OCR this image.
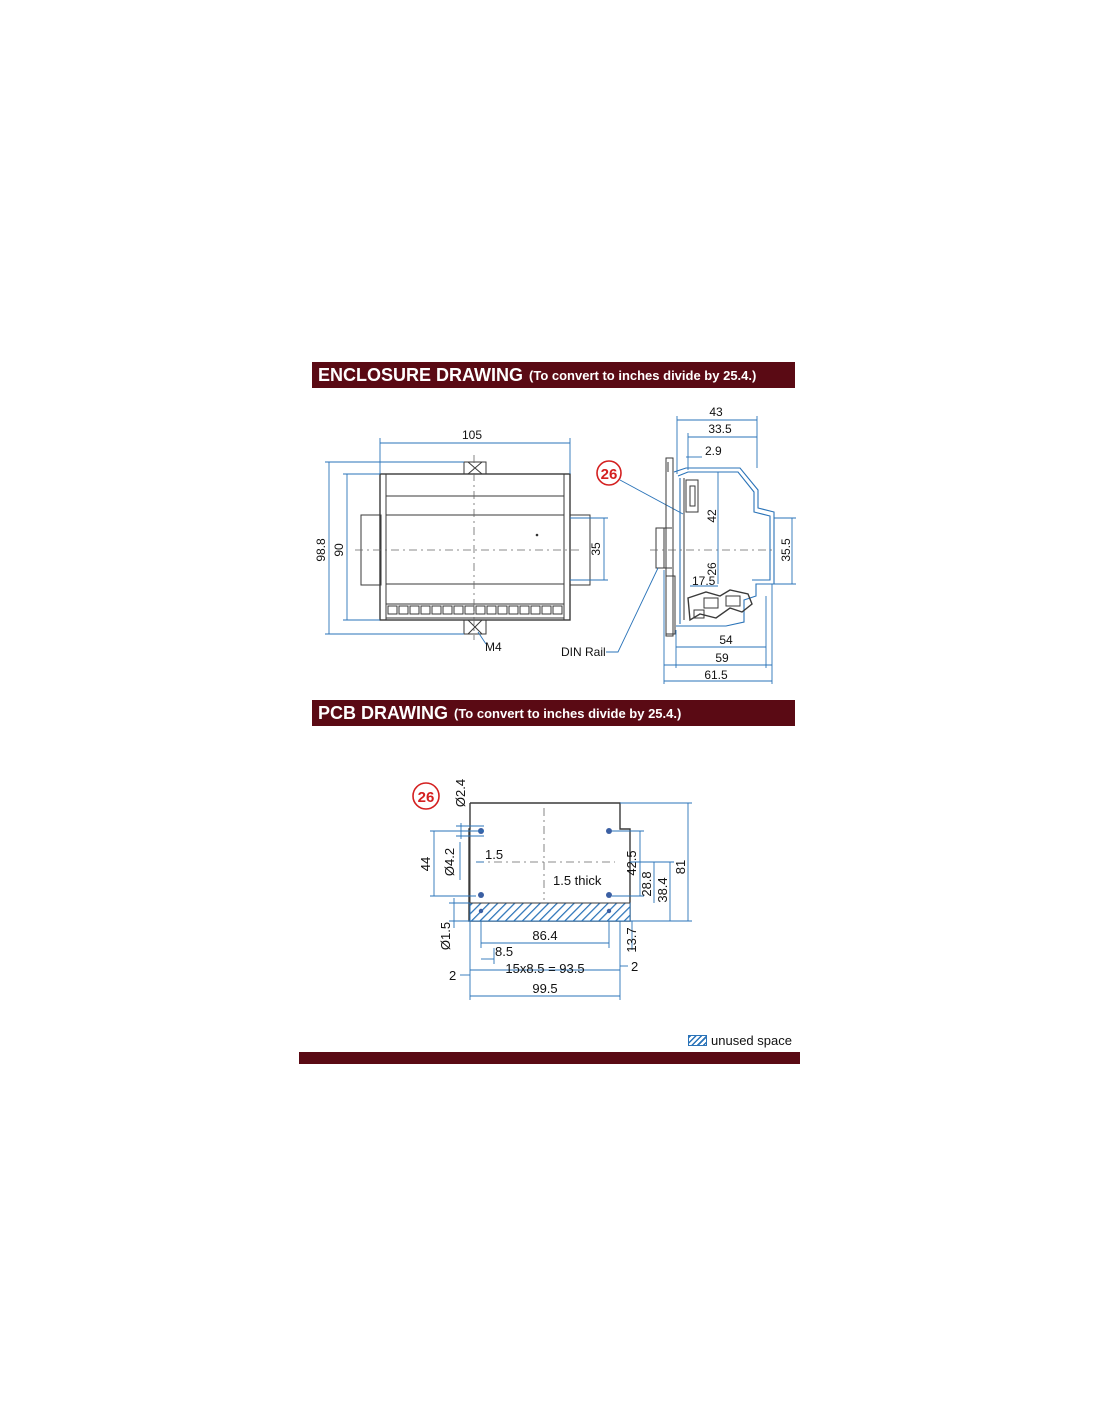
ENCLOSURE DRAWING (To convert to inches divide by 25.4.)
PCB DRAWING (To convert to inches divide by 25.4.)
105
98.8 90	35
M4
26
43
33.5
2.9
42
26
17.5
35.5
54
59
61.5
DIN Rail
Ø2.4
44 Ø4.2 1.5
1.5 thick
42.5
28.8 38.4
81
Ø1.5	86.4	13.7
8.5
2	15x8.5 = 93.5	2
99.5
26
unused space
